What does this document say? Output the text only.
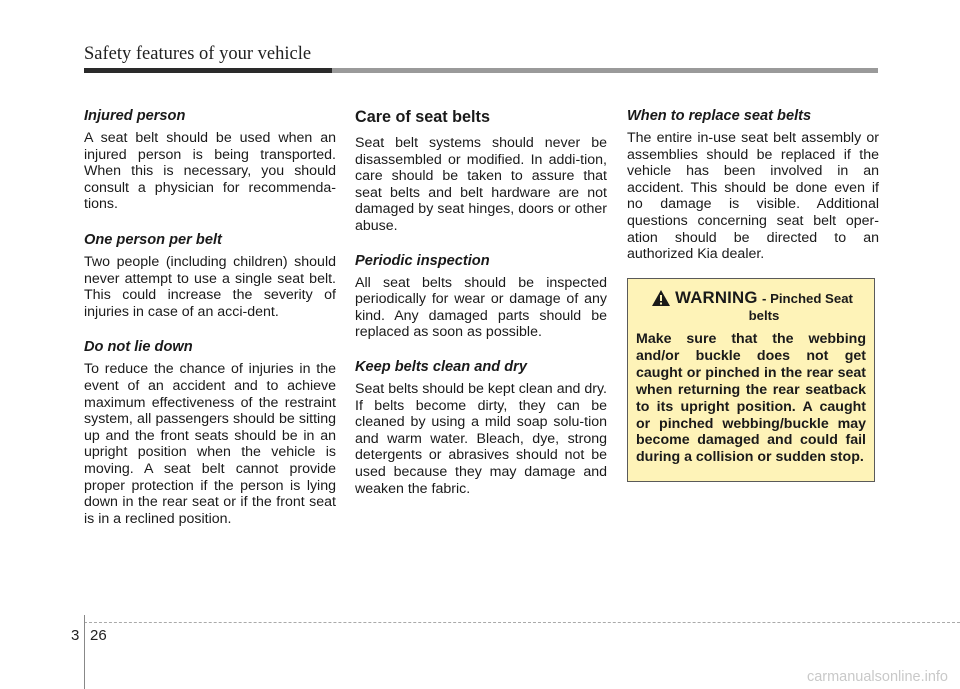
Safety features of your vehicle
Injured person

A seat belt should be used when an injured person is being transported. When this is necessary, you should consult a physician for recommenda-tions.

One person per belt

Two people (including children) should never attempt to use a single seat belt. This could increase the severity of injuries in case of an acci-dent.

Do not lie down

To reduce the chance of injuries in the event of an accident and to achieve maximum effectiveness of the restraint system, all passengers should be sitting up and the front seats should be in an upright position when the vehicle is moving. A seat belt cannot provide proper protection if the person is lying down in the rear seat or if the front seat is in a reclined position.

Care of seat belts

Seat belt systems should never be disassembled or modified. In addi-tion, care should be taken to assure that seat belts and belt hardware are not damaged by seat hinges, doors or other abuse.

Periodic inspection

All seat belts should be inspected periodically for wear or damage of any kind. Any damaged parts should be replaced as soon as possible.

Keep belts clean and dry

Seat belts should be kept clean and dry. If belts become dirty, they can be cleaned by using a mild soap solu-tion and warm water. Bleach, dye, strong detergents or abrasives should not be used because they may damage and weaken the fabric.

When to replace seat belts

The entire in-use seat belt assembly or assemblies should be replaced if the vehicle has been involved in an accident. This should be done even if no damage is visible. Additional questions concerning seat belt oper-ation should be directed to an authorized Kia dealer.

WARNING - Pinched Seat
belts

Make sure that the webbing and/or buckle does not get caught or pinched in the rear seat when returning the rear seatback to its upright position. A caught or pinched webbing/buckle may become damaged and could fail during a collision or sudden stop.

3 26
carmanualsonline.info
